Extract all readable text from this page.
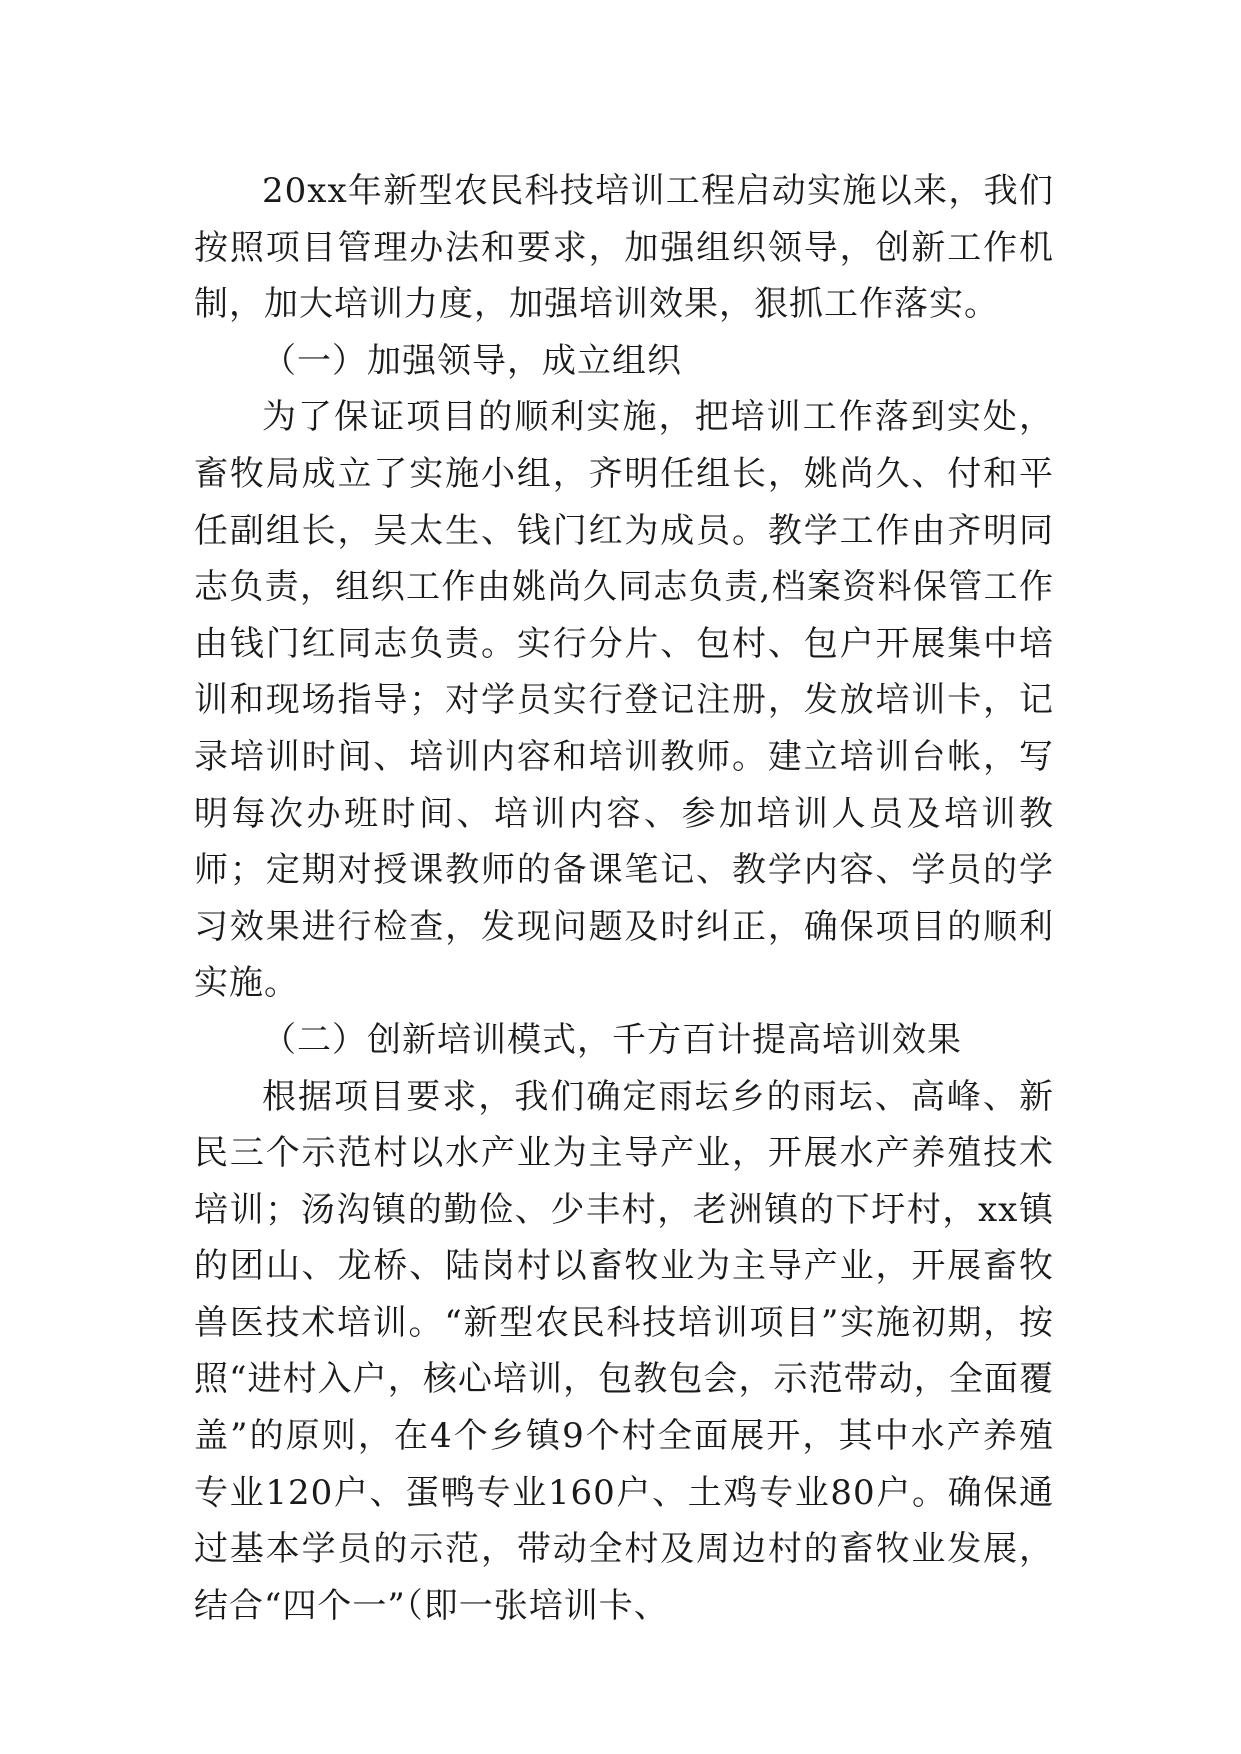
20xx年新型农民科技培训工程启动实施以来，我们按照项目管理办法和要求，加强组织领导，创新工作机制，加大培训力度，加强培训效果，狠抓工作落实。

（一）加强领导，成立组织

为了保证项目的顺利实施，把培训工作落到实处，畜牧局成立了实施小组，齐明任组长，姚尚久、付和平任副组长，吴太生、钱门红为成员。教学工作由齐明同志负责，组织工作由姚尚久同志负责,档案资料保管工作由钱门红同志负责。实行分片、包村、包户开展集中培训和现场指导；对学员实行登记注册，发放培训卡，记录培训时间、培训内容和培训教师。建立培训台帐，写明每次办班时间、培训内容、参加培训人员及培训教师；定期对授课教师的备课笔记、教学内容、学员的学习效果进行检查，发现问题及时纠正，确保项目的顺利实施。

（二）创新培训模式，千方百计提高培训效果

根据项目要求，我们确定雨坛乡的雨坛、高峰、新民三个示范村以水产业为主导产业，开展水产养殖技术培训；汤沟镇的勤俭、少丰村，老洲镇的下圩村，xx镇的团山、龙桥、陆岗村以畜牧业为主导产业，开展畜牧兽医技术培训。“新型农民科技培训项目”实施初期，按照“进村入户，核心培训，包教包会，示范带动，全面覆盖”的原则，在4个乡镇9个村全面展开，其中水产养殖专业120户、蛋鸭专业160户、土鸡专业80户。确保通过基本学员的示范，带动全村及周边村的畜牧业发展，结合“四个一”（即一张培训卡、
